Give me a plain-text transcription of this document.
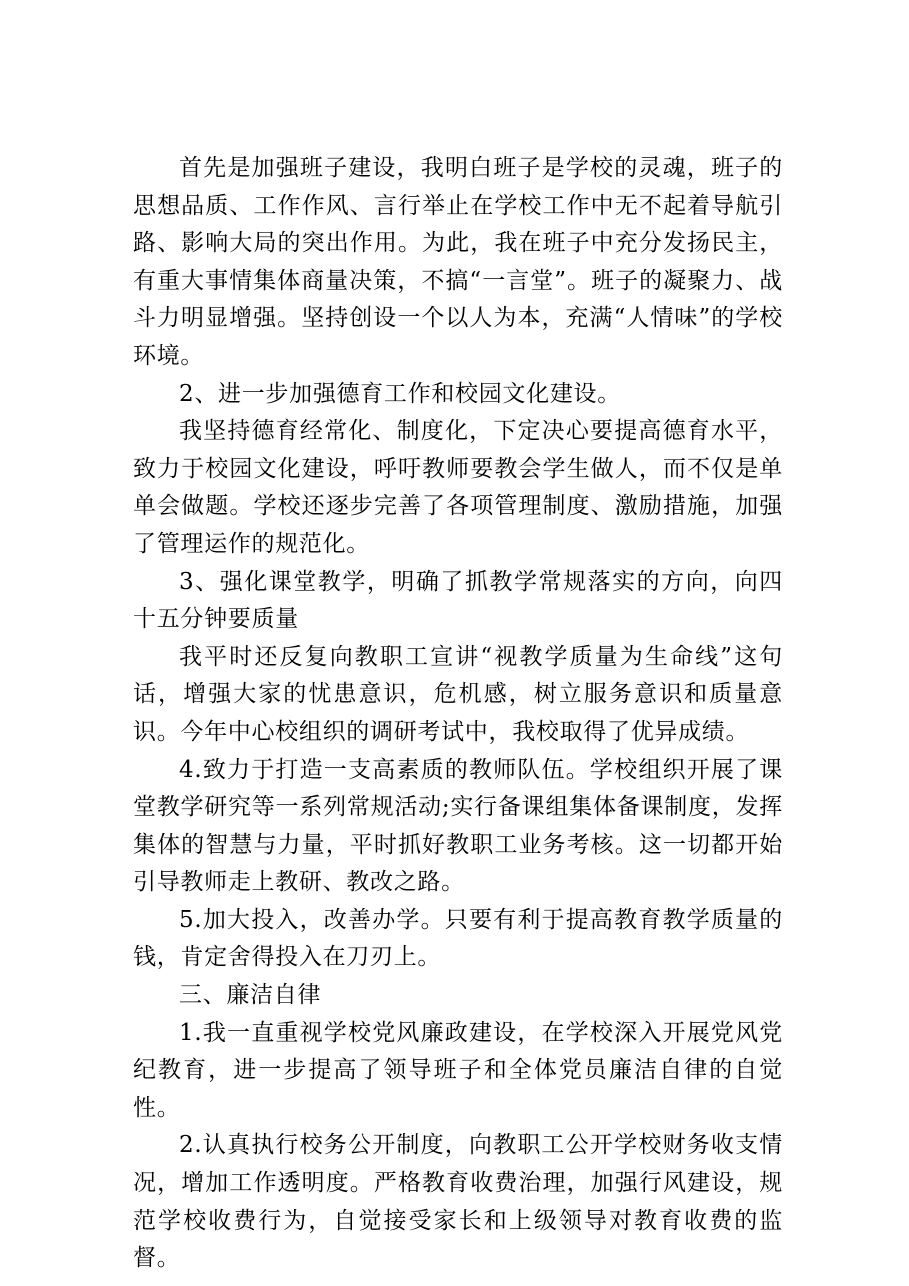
首先是加强班子建设，我明白班子是学校的灵魂，班子的思想品质、工作作风、言行举止在学校工作中无不起着导航引路、影响大局的突出作用。为此，我在班子中充分发扬民主，有重大事情集体商量决策，不搞“一言堂”。班子的凝聚力、战斗力明显增强。坚持创设一个以人为本，充满“人情味”的学校环境。

2、进一步加强德育工作和校园文化建设。

我坚持德育经常化、制度化，下定决心要提高德育水平，致力于校园文化建设，呼吁教师要教会学生做人，而不仅是单单会做题。学校还逐步完善了各项管理制度、激励措施，加强了管理运作的规范化。

3、强化课堂教学，明确了抓教学常规落实的方向，向四十五分钟要质量

我平时还反复向教职工宣讲“视教学质量为生命线”这句话，增强大家的忧患意识，危机感，树立服务意识和质量意识。今年中心校组织的调研考试中，我校取得了优异成绩。

4.致力于打造一支高素质的教师队伍。学校组织开展了课堂教学研究等一系列常规活动;实行备课组集体备课制度，发挥集体的智慧与力量，平时抓好教职工业务考核。这一切都开始引导教师走上教研、教改之路。

5.加大投入，改善办学。只要有利于提高教育教学质量的钱，肯定舍得投入在刀刃上。

三、廉洁自律

1.我一直重视学校党风廉政建设，在学校深入开展党风党纪教育，进一步提高了领导班子和全体党员廉洁自律的自觉性。

2.认真执行校务公开制度，向教职工公开学校财务收支情况，增加工作透明度。严格教育收费治理，加强行风建设，规范学校收费行为，自觉接受家长和上级领导对教育收费的监督。
